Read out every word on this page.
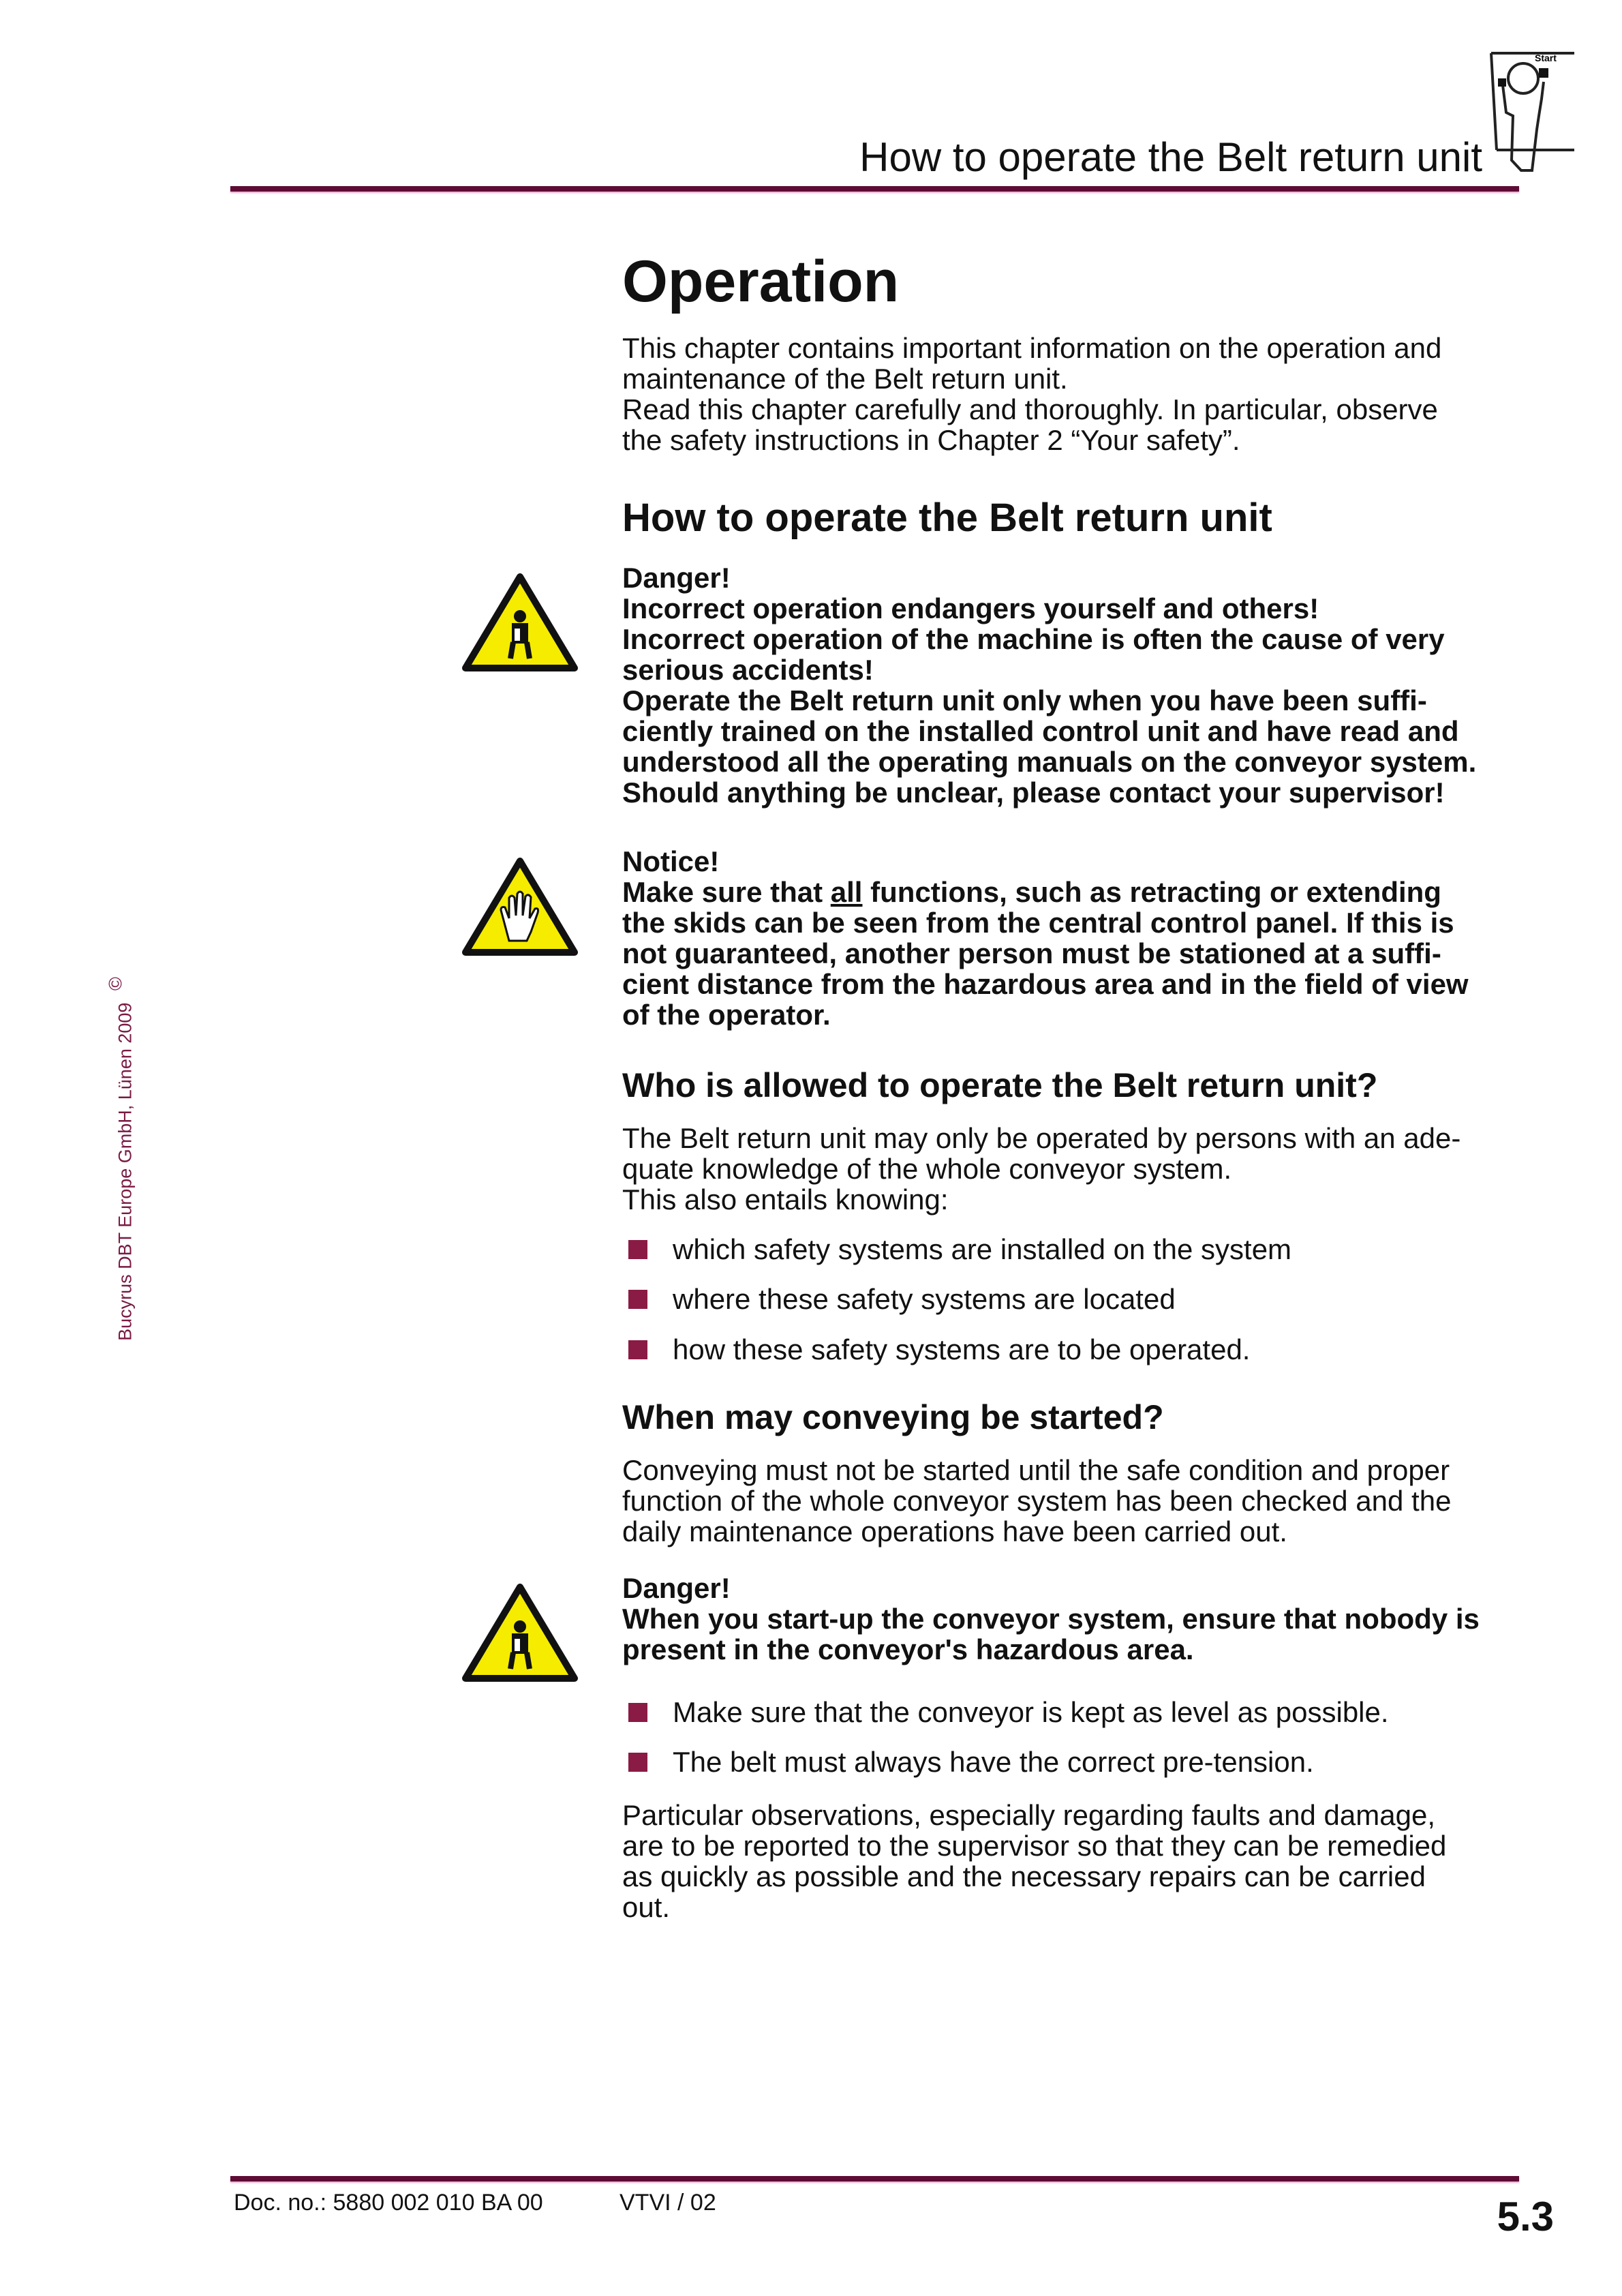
How to operate the Belt return unit
Start
Bucyrus DBT Europe GmbH, Lünen 2009 ©
Operation
This chapter contains important information on the operation and
maintenance of the Belt return unit.
Read this chapter carefully and thoroughly. In particular, observe
the safety instructions in Chapter 2 “Your safety”.
How to operate the Belt return unit
Danger!
Incorrect operation endangers yourself and others!
Incorrect operation of the machine is often the cause of very
serious accidents!
Operate the Belt return unit only when you have been suffi-
ciently trained on the installed control unit and have read and
understood all the operating manuals on the conveyor system.
Should anything be unclear, please contact your supervisor!
Notice!
Make sure that all functions, such as retracting or extending
the skids can be seen from the central control panel. If this is
not guaranteed, another person must be stationed at a suffi-
cient distance from the hazardous area and in the field of view
of the operator.
Who is allowed to operate the Belt return unit?
The Belt return unit may only be operated by persons with an ade-
quate knowledge of the whole conveyor system.
This also entails knowing:
which safety systems are installed on the system
where these safety systems are located
how these safety systems are to be operated.
When may conveying be started?
Conveying must not be started until the safe condition and proper
function of the whole conveyor system has been checked and the
daily maintenance operations have been carried out.
Danger!
When you start-up the conveyor system, ensure that nobody is
present in the conveyor's hazardous area.
Make sure that the conveyor is kept as level as possible.
The belt must always have the correct pre-tension.
Particular observations, especially regarding faults and damage,
are to be reported to the supervisor so that they can be remedied
as quickly as possible and the necessary repairs can be carried
out.
Doc. no.: 5880 002 010 BA 00	VTVI / 02	5.3
